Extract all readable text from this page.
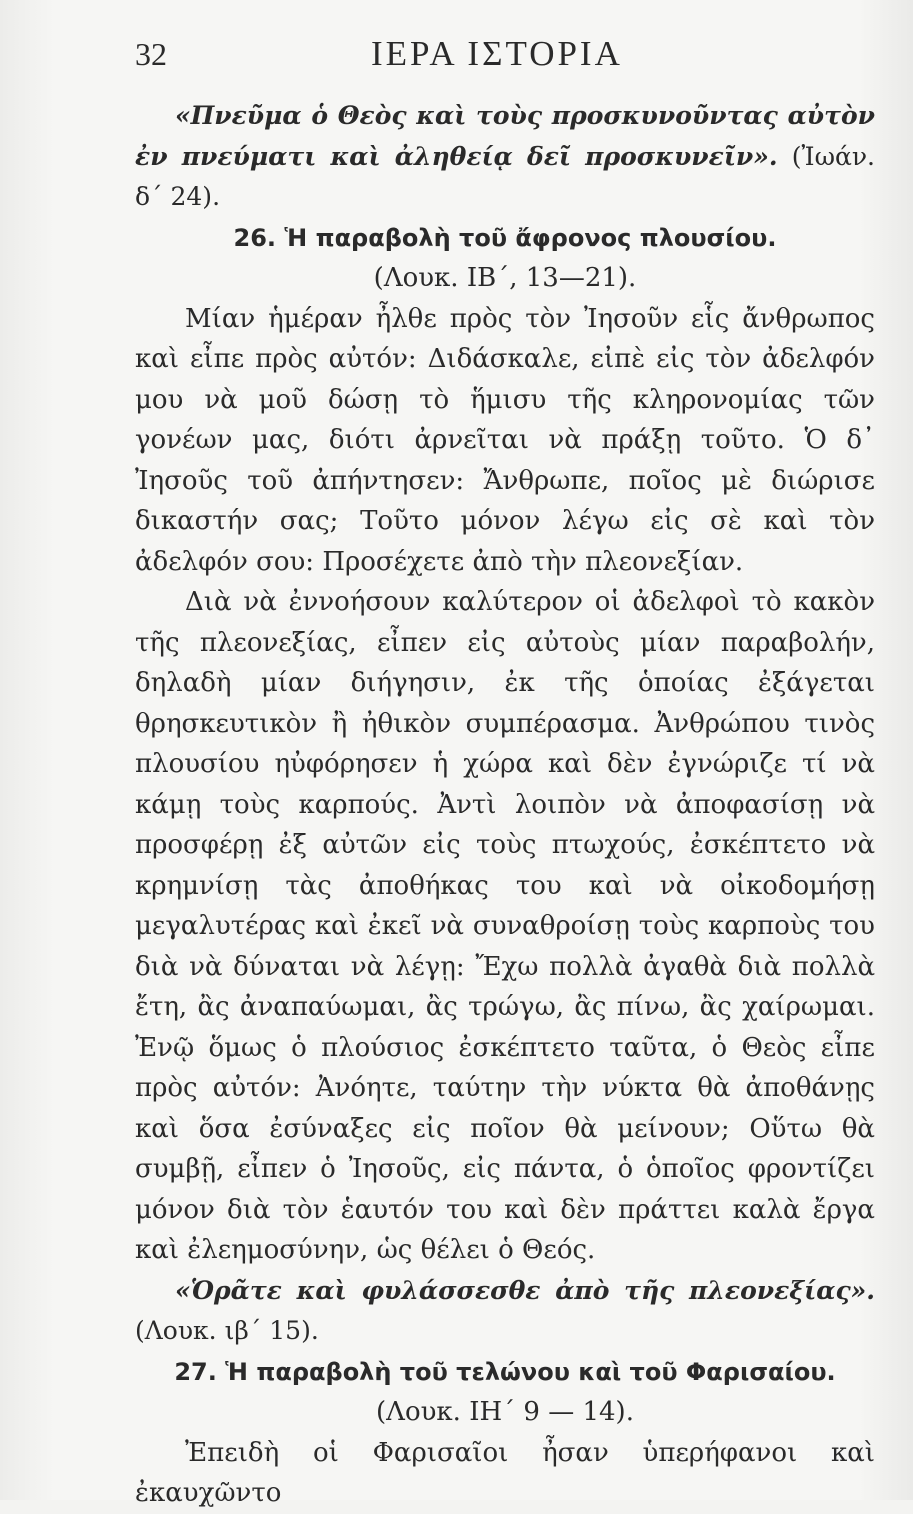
32	ΙΕΡΑ ΙΣΤΟΡΙΑ

«Πνεῦμα ὁ Θεὸς καὶ τοὺς προσκυνοῦντας αὐτὸν ἐν πνεύματι καὶ ἀληθείᾳ δεῖ προσκυνεῖν». (Ἰωάν. δ΄ 24).

26. Ἡ παραβολὴ τοῦ ἄφρονος πλουσίου.

(Λουκ. ΙΒ΄, 13—21).

Μίαν ἡμέραν ἦλθε πρὸς τὸν Ἰησοῦν εἷς ἄνθρωπος καὶ εἶπε πρὸς αὐτόν: Διδάσκαλε, εἰπὲ εἰς τὸν ἀδελφόν μου νὰ μοῦ δώσῃ τὸ ἥμισυ τῆς κληρονομίας τῶν γονέων μας, διότι ἀρνεῖται νὰ πράξῃ τοῦτο. Ὁ δ᾽ Ἰησοῦς τοῦ ἀπήντησεν: Ἄνθρωπε, ποῖος μὲ διώρισε δικαστήν σας; Τοῦτο μόνον λέγω εἰς σὲ καὶ τὸν ἀδελφόν σου: Προσέχετε ἀπὸ τὴν πλεονεξίαν.

Διὰ νὰ ἐννοήσουν καλύτερον οἱ ἀδελφοὶ τὸ κακὸν τῆς πλεονεξίας, εἶπεν εἰς αὐτοὺς μίαν παραβολήν, δηλαδὴ μίαν διήγησιν, ἐκ τῆς ὁποίας ἐξάγεται θρησκευτικὸν ἢ ἠθικὸν συμπέρασμα. Ἀνθρώπου τινὸς πλουσίου ηὐφόρησεν ἡ χώρα καὶ δὲν ἐγνώριζε τί νὰ κάμῃ τοὺς καρπούς. Ἀντὶ λοιπὸν νὰ ἀποφασίσῃ νὰ προσφέρῃ ἐξ αὐτῶν εἰς τοὺς πτωχούς, ἐσκέπτετο νὰ κρημνίσῃ τὰς ἀποθήκας του καὶ νὰ οἰκοδομήσῃ μεγαλυτέρας καὶ ἐκεῖ νὰ συναθροίσῃ τοὺς καρποὺς του διὰ νὰ δύναται νὰ λέγῃ: Ἔχω πολλὰ ἀγαθὰ διὰ πολλὰ ἔτη, ἂς ἀναπαύωμαι, ἂς τρώγω, ἂς πίνω, ἂς χαίρωμαι. Ἐνῷ ὅμως ὁ πλούσιος ἐσκέπτετο ταῦτα, ὁ Θεὸς εἶπε πρὸς αὐτόν: Ἀνόητε, ταύτην τὴν νύκτα θὰ ἀποθάνῃς καὶ ὅσα ἐσύναξες εἰς ποῖον θὰ μείνουν; Οὕτω θὰ συμβῇ, εἶπεν ὁ Ἰησοῦς, εἰς πάντα, ὁ ὁποῖος φροντίζει μόνον διὰ τὸν ἑαυτόν του καὶ δὲν πράττει καλὰ ἔργα καὶ ἐλεημοσύνην, ὡς θέλει ὁ Θεός.

«Ὁρᾶτε καὶ φυλάσσεσθε ἀπὸ τῆς πλεονεξίας». (Λουκ. ιβ΄ 15).

27. Ἡ παραβολὴ τοῦ τελώνου καὶ τοῦ Φαρισαίου.

(Λουκ. ΙΗ΄ 9 — 14).

Ἐπειδὴ οἱ Φαρισαῖοι ἦσαν ὑπερήφανοι καὶ ἐκαυχῶντο
